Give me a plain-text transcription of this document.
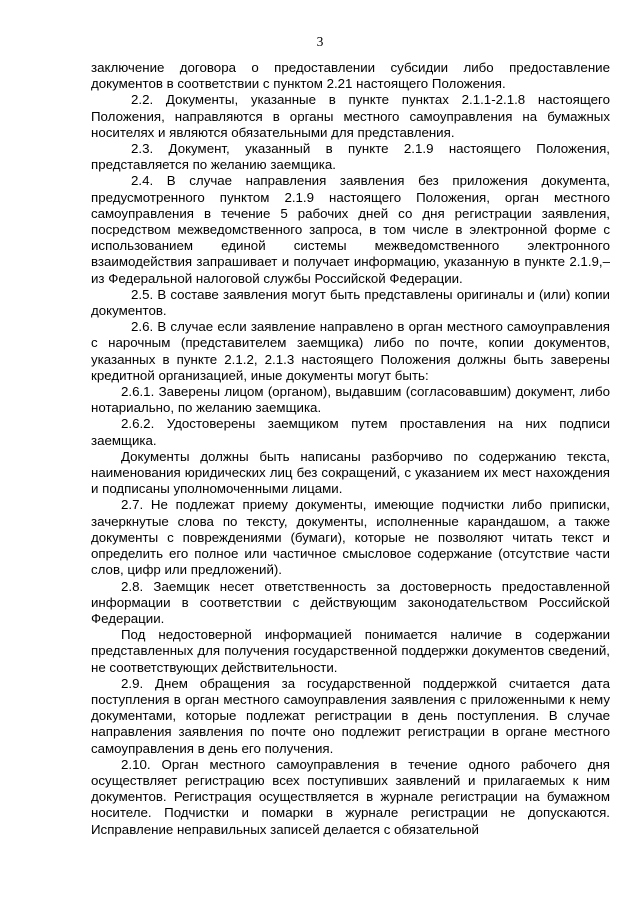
3

заключение договора о предоставлении субсидии либо предоставление документов в соответствии с пунктом 2.21 настоящего Положения.

2.2. Документы, указанные в пункте пунктах 2.1.1-2.1.8 настоящего Положения, направляются в органы местного самоуправления на бумажных носителях и являются обязательными для представления.

2.3. Документ, указанный в пункте 2.1.9 настоящего Положения, представляется по желанию заемщика.

2.4. В случае направления заявления без приложения документа, предусмотренного пунктом 2.1.9 настоящего Положения, орган местного самоуправления в течение 5 рабочих дней со дня регистрации заявления, посредством межведомственного запроса, в том числе в электронной форме с использованием единой системы межведомственного электронного взаимодействия запрашивает и получает информацию, указанную в пункте 2.1.9,– из Федеральной налоговой службы Российской Федерации.

2.5. В составе заявления могут быть представлены оригиналы и (или) копии документов.

2.6. В случае если заявление направлено в орган местного самоуправления с нарочным (представителем заемщика) либо по почте, копии документов, указанных в пункте 2.1.2, 2.1.3 настоящего Положения должны быть заверены кредитной организацией, иные документы могут быть:

2.6.1. Заверены лицом (органом), выдавшим (согласовавшим) документ, либо нотариально, по желанию заемщика.

2.6.2. Удостоверены заемщиком путем проставления на них подписи заемщика.

Документы должны быть написаны разборчиво по содержанию текста, наименования юридических лиц без сокращений, с указанием их мест нахождения и подписаны уполномоченными лицами.

2.7. Не подлежат приему документы, имеющие подчистки либо приписки, зачеркнутые слова по тексту, документы, исполненные карандашом, а также документы с повреждениями (бумаги), которые не позволяют читать текст и определить его полное или частичное смысловое содержание (отсутствие части слов, цифр или предложений).

2.8. Заемщик несет ответственность за достоверность предоставленной информации в соответствии с действующим законодательством Российской Федерации.

Под недостоверной информацией понимается наличие в содержании представленных для получения государственной поддержки документов сведений, не соответствующих действительности.

2.9. Днем обращения за государственной поддержкой считается дата поступления в орган местного самоуправления заявления с приложенными к нему документами, которые подлежат регистрации в день поступления. В случае направления заявления по почте оно подлежит регистрации в органе местного самоуправления в день его получения.

2.10. Орган местного самоуправления в течение одного рабочего дня осуществляет регистрацию всех поступивших заявлений и прилагаемых к ним документов. Регистрация осуществляется в журнале регистрации на бумажном носителе. Подчистки и помарки в журнале регистрации не допускаются. Исправление неправильных записей делается с обязательной
